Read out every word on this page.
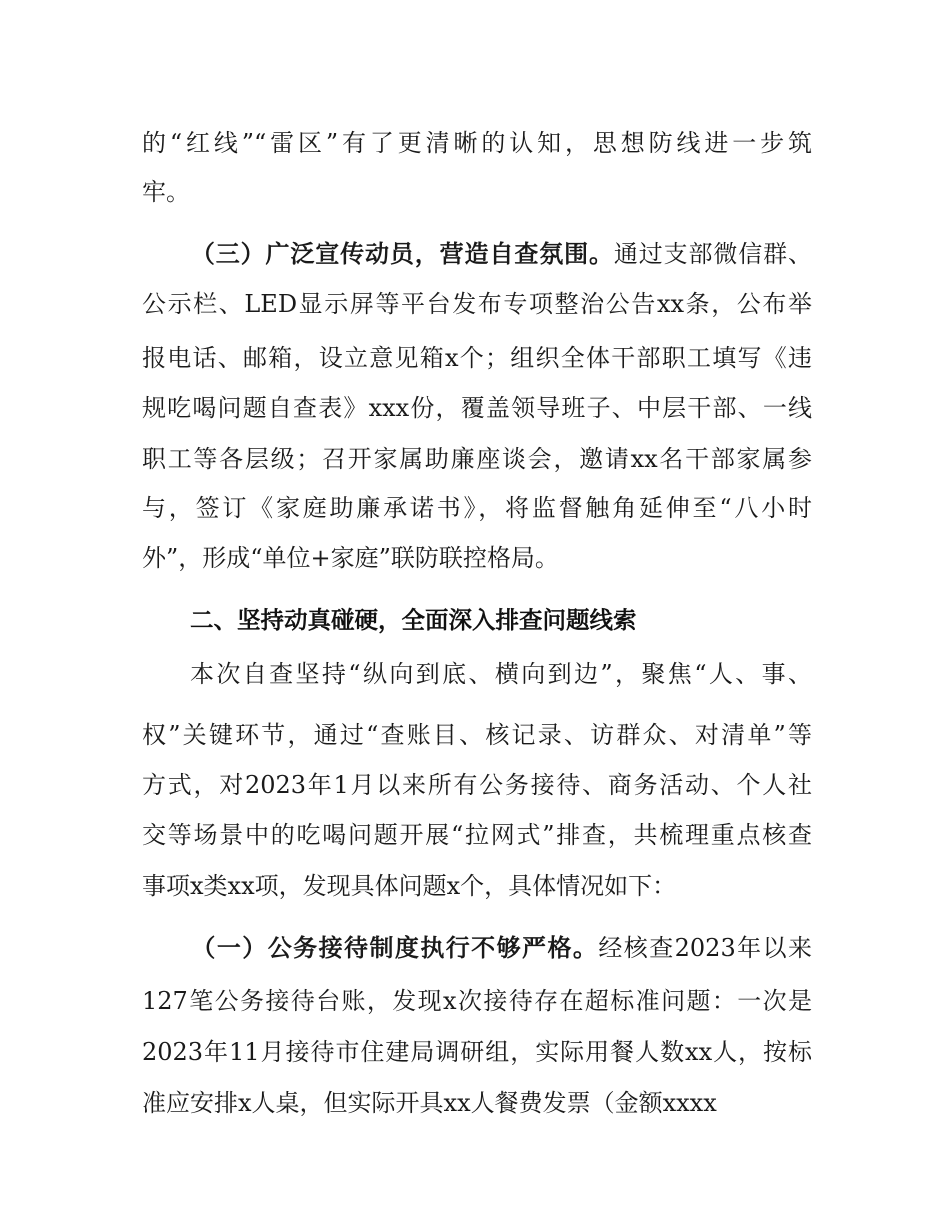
的“红线”“雷区”有了更清晰的认知，思想防线进一步筑
牢。
（三）广泛宣传动员，营造自查氛围。通过支部微信群、
公示栏、LED显示屏等平台发布专项整治公告xx条，公布举
报电话、邮箱，设立意见箱x个；组织全体干部职工填写《违
规吃喝问题自查表》xxx份，覆盖领导班子、中层干部、一线
职工等各层级；召开家属助廉座谈会，邀请xx名干部家属参
与，签订《家庭助廉承诺书》，将监督触角延伸至“八小时
外”，形成“单位+家庭”联防联控格局。
二、坚持动真碰硬，全面深入排查问题线索
本次自查坚持“纵向到底、横向到边”，聚焦“人、事、
权”关键环节，通过“查账目、核记录、访群众、对清单”等
方式，对2023年1月以来所有公务接待、商务活动、个人社
交等场景中的吃喝问题开展“拉网式”排查，共梳理重点核查
事项x类xx项，发现具体问题x个，具体情况如下：
（一）公务接待制度执行不够严格。经核查2023年以来
127笔公务接待台账，发现x次接待存在超标准问题：一次是
2023年11月接待市住建局调研组，实际用餐人数xx人，按标
准应安排x人桌，但实际开具xx人餐费发票（金额xxxx
